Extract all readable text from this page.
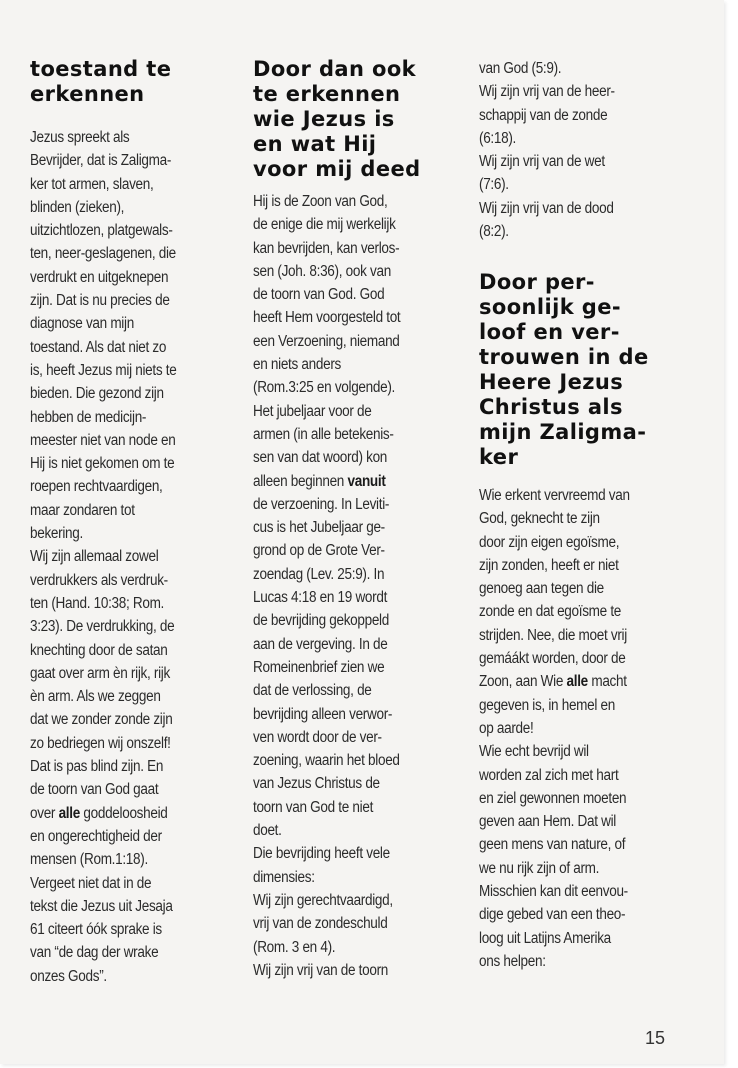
toestand te
erkennen
Jezus spreekt als
Bevrijder, dat is Zaligma-
ker tot armen, slaven,
blinden (zieken),
uitzichtlozen, platgewals-
ten, neer-geslagenen, die
verdrukt en uitgeknepen
zijn. Dat is nu precies de
diagnose van mijn
toestand. Als dat niet zo
is, heeft Jezus mij niets te
bieden. Die gezond zijn
hebben de medicijn-
meester niet van node en
Hij is niet gekomen om te
roepen rechtvaardigen,
maar zondaren tot
bekering.
Wij zijn allemaal zowel
verdrukkers als verdruk-
ten (Hand. 10:38; Rom.
3:23). De verdrukking, de
knechting door de satan
gaat over arm èn rijk, rijk
èn arm. Als we zeggen
dat we zonder zonde zijn
zo bedriegen wij onszelf!
Dat is pas blind zijn. En
de toorn van God gaat
over alle goddeloosheid
en ongerechtigheid der
mensen (Rom.1:18).
Vergeet niet dat in de
tekst die Jezus uit Jesaja
61 citeert óók sprake is
van “de dag der wrake
onzes Gods”.
Door dan ook
te erkennen
wie Jezus is
en wat Hij
voor mij deed
Hij is de Zoon van God,
de enige die mij werkelijk
kan bevrijden, kan verlos-
sen (Joh. 8:36), ook van
de toorn van God. God
heeft Hem voorgesteld tot
een Verzoening, niemand
en niets anders
(Rom.3:25 en volgende).
Het jubeljaar voor de
armen (in alle betekenis-
sen van dat woord) kon
alleen beginnen vanuit
de verzoening. In Leviti-
cus is het Jubeljaar ge-
grond op de Grote Ver-
zoendag (Lev. 25:9). In
Lucas 4:18 en 19 wordt
de bevrijding gekoppeld
aan de vergeving. In de
Romeinenbrief zien we
dat de verlossing, de
bevrijding alleen verwor-
ven wordt door de ver-
zoening, waarin het bloed
van Jezus Christus de
toorn van God te niet
doet.
Die bevrijding heeft vele
dimensies:
Wij zijn gerechtvaardigd,
vrij van de zondeschuld
(Rom. 3 en 4).
Wij zijn vrij van de toorn
van God (5:9).
Wij zijn vrij van de heer-
schappij van de zonde
(6:18).
Wij zijn vrij van de wet
(7:6).
Wij zijn vrij van de dood
(8:2).
Door per-
soonlijk ge-
loof en ver-
trouwen in de
Heere Jezus
Christus als
mijn Zaligma-
ker
Wie erkent vervreemd van
God, geknecht te zijn
door zijn eigen egoïsme,
zijn zonden, heeft er niet
genoeg aan tegen die
zonde en dat egoïsme te
strijden. Nee, die moet vrij
gemáákt worden, door de
Zoon, aan Wie alle macht
gegeven is, in hemel en
op aarde!
Wie echt bevrijd wil
worden zal zich met hart
en ziel gewonnen moeten
geven aan Hem. Dat wil
geen mens van nature, of
we nu rijk zijn of arm.
Misschien kan dit eenvou-
dige gebed van een theo-
loog uit Latijns Amerika
ons helpen:
15
